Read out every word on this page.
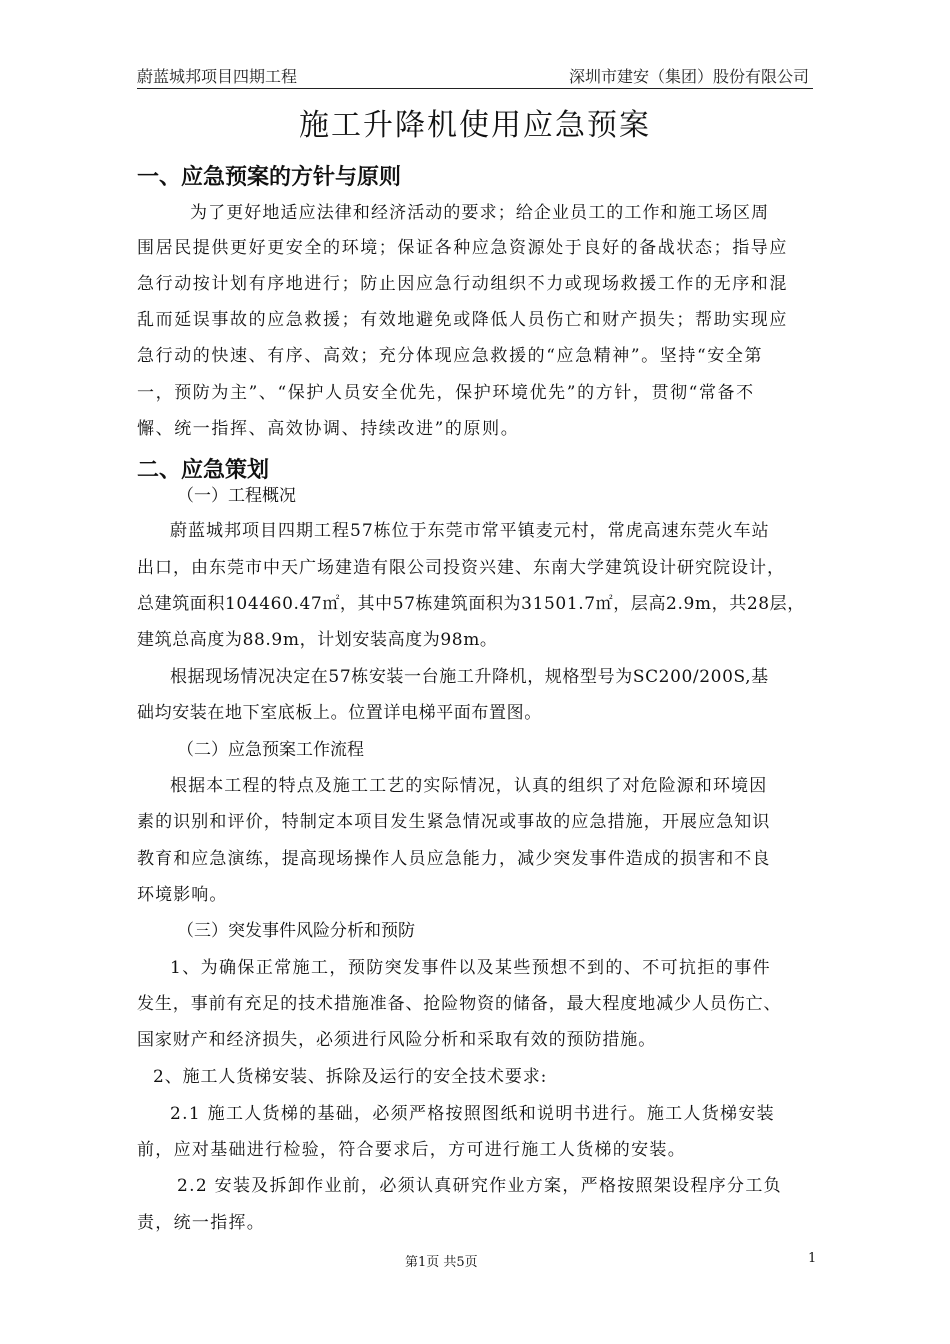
蔚蓝城邦项目四期工程	深圳市建安（集团）股份有限公司
施工升降机使用应急预案
一、应急预案的方针与原则
为了更好地适应法律和经济活动的要求；给企业员工的工作和施工场区周
围居民提供更好更安全的环境；保证各种应急资源处于良好的备战状态；指导应
急行动按计划有序地进行；防止因应急行动组织不力或现场救援工作的无序和混
乱而延误事故的应急救援；有效地避免或降低人员伤亡和财产损失；帮助实现应
急行动的快速、有序、高效；充分体现应急救援的“应急精神”。坚持“安全第
一，预防为主”、“保护人员安全优先，保护环境优先”的方针，贯彻“常备不
懈、统一指挥、高效协调、持续改进”的原则。
二、应急策划
（一）工程概况
蔚蓝城邦项目四期工程57栋位于东莞市常平镇麦元村，常虎高速东莞火车站
出口，由东莞市中天广场建造有限公司投资兴建、东南大学建筑设计研究院设计，
总建筑面积104460.47㎡，其中57栋建筑面积为31501.7㎡，层高2.9m，共28层，
建筑总高度为88.9m，计划安装高度为98m。
根据现场情况决定在57栋安装一台施工升降机，规格型号为SC200/200S,基
础均安装在地下室底板上。位置详电梯平面布置图。
（二）应急预案工作流程
根据本工程的特点及施工工艺的实际情况，认真的组织了对危险源和环境因
素的识别和评价，特制定本项目发生紧急情况或事故的应急措施，开展应急知识
教育和应急演练，提高现场操作人员应急能力，减少突发事件造成的损害和不良
环境影响。
（三）突发事件风险分析和预防
1、为确保正常施工，预防突发事件以及某些预想不到的、不可抗拒的事件
发生，事前有充足的技术措施准备、抢险物资的储备，最大程度地减少人员伤亡、
国家财产和经济损失，必须进行风险分析和采取有效的预防措施。
2、施工人货梯安装、拆除及运行的安全技术要求:
2.1 施工人货梯的基础，必须严格按照图纸和说明书进行。施工人货梯安装
前，应对基础进行检验，符合要求后，方可进行施工人货梯的安装。
2.2 安装及拆卸作业前，必须认真研究作业方案，严格按照架设程序分工负
责，统一指挥。
第1页 共5页	1
